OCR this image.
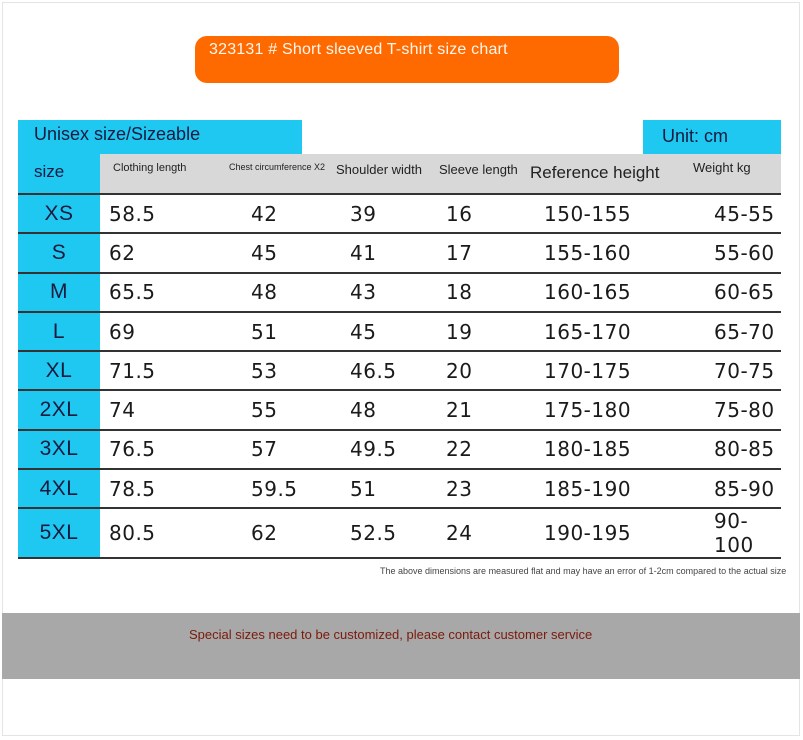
323131 # Short sleeved T-shirt size chart
Unisex size/Sizeable	Unit: cm
size	Clothing length	Chest circumference X2	Shoulder width	Sleeve length	Reference height	Weight kg
XS	58.5	42	39	16	150-155	45-55
S	62	45	41	17	155-160	55-60
M	65.5	48	43	18	160-165	60-65
L	69	51	45	19	165-170	65-70
XL	71.5	53	46.5	20	170-175	70-75
2XL	74	55	48	21	175-180	75-80
3XL	76.5	57	49.5	22	180-185	80-85
4XL	78.5	59.5	51	23	185-190	85-90
5XL	80.5	62	52.5	24	190-195	90-100
The above dimensions are measured flat and may have an error of 1-2cm compared to the actual size
Special sizes need to be customized, please contact customer service
